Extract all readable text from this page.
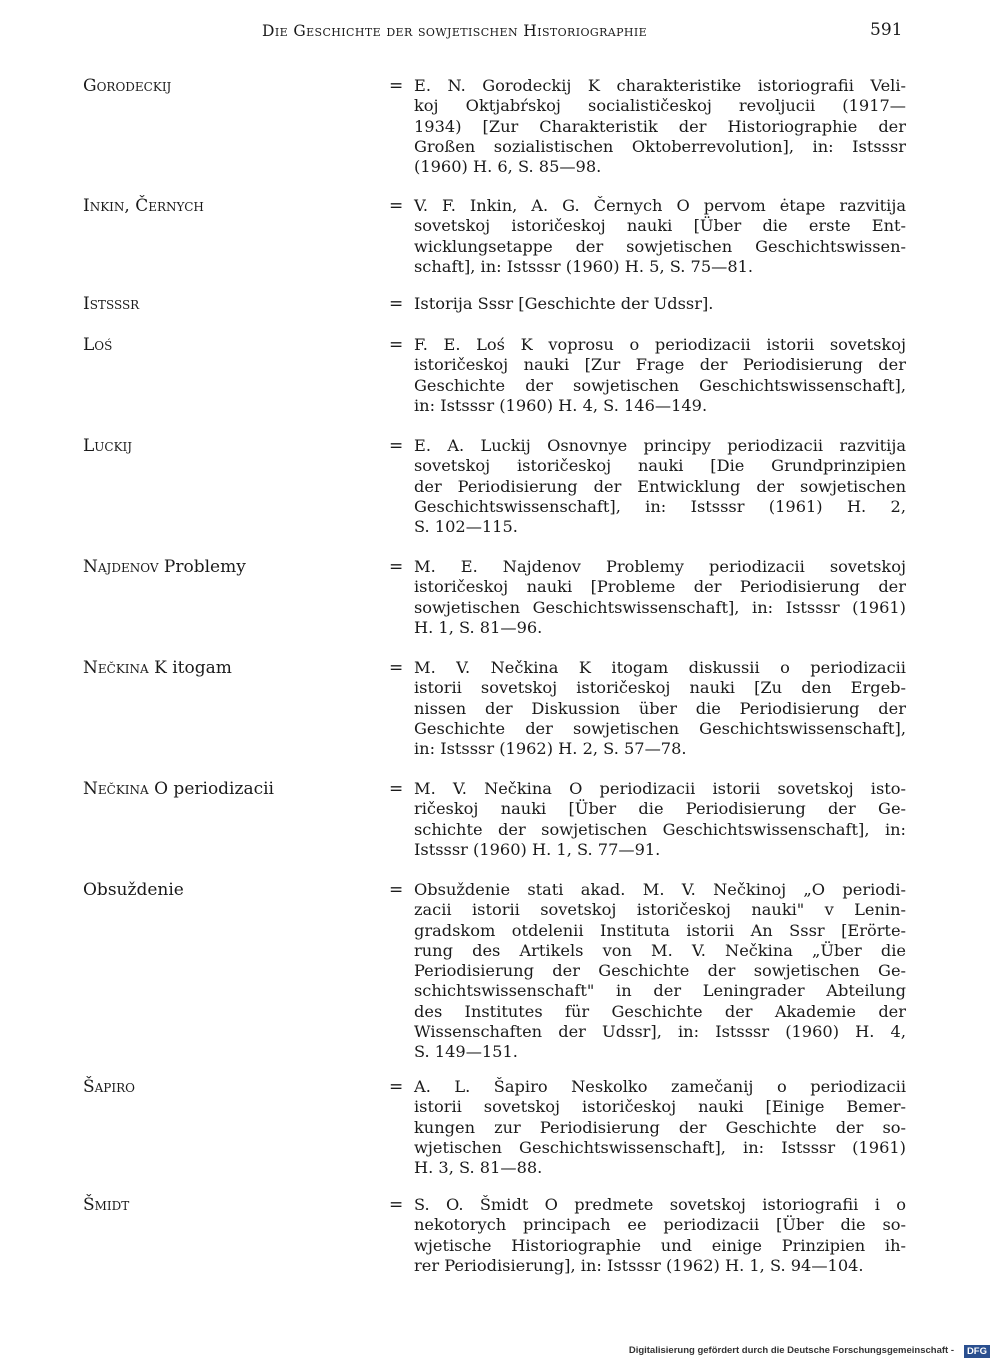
Die Geschichte der sowjetischen Historiographie	591
Gorodeckij	= E. N. Gorodeckij K charakteristike istoriografii Veli-
koj Oktjabŕskoj socialističeskoj revoljucii (1917—
1934) [Zur Charakteristik der Historiographie der
Großen sozialistischen Oktoberrevolution], in: Istsssr
(1960) H. 6, S. 85—98.
Inkin, Černych	= V. F. Inkin, A. G. Černych O pervom ėtape razvitija
sovetskoj istoričeskoj nauki [Über die erste Ent-
wicklungsetappe der sowjetischen Geschichtswissen-
schaft], in: Istsssr (1960) H. 5, S. 75—81.
Istsssr	= Istorija Sssr [Geschichte der Udssr].
Loś	= F. E. Loś K voprosu o periodizacii istorii sovetskoj
istoričeskoj nauki [Zur Frage der Periodisierung der
Geschichte der sowjetischen Geschichtswissenschaft],
in: Istsssr (1960) H. 4, S. 146—149.
Luckij	= E. A. Luckij Osnovnye principy periodizacii razvitija
sovetskoj istoričeskoj nauki [Die Grundprinzipien
der Periodisierung der Entwicklung der sowjetischen
Geschichtswissenschaft], in: Istsssr (1961) H. 2,
S. 102—115.
Najdenov Problemy	= M. E. Najdenov Problemy periodizacii sovetskoj
istoričeskoj nauki [Probleme der Periodisierung der
sowjetischen Geschichtswissenschaft], in: Istsssr (1961)
H. 1, S. 81—96.
Nečkina K itogam	= M. V. Nečkina K itogam diskussii o periodizacii
istorii sovetskoj istoričeskoj nauki [Zu den Ergeb-
nissen der Diskussion über die Periodisierung der
Geschichte der sowjetischen Geschichtswissenschaft],
in: Istsssr (1962) H. 2, S. 57—78.
Nečkina O periodizacii	= M. V. Nečkina O periodizacii istorii sovetskoj isto-
ričeskoj nauki [Über die Periodisierung der Ge-
schichte der sowjetischen Geschichtswissenschaft], in:
Istsssr (1960) H. 1, S. 77—91.
Obsuždenie	= Obsuždenie stati akad. M. V. Nečkinoj „O periodi-
zacii istorii sovetskoj istoričeskoj nauki" v Lenin-
gradskom otdelenii Instituta istorii An Sssr [Erörte-
rung des Artikels von M. V. Nečkina „Über die
Periodisierung der Geschichte der sowjetischen Ge-
schichtswissenschaft" in der Leningrader Abteilung
des Institutes für Geschichte der Akademie der
Wissenschaften der Udssr], in: Istsssr (1960) H. 4,
S. 149—151.
Šapiro	= A. L. Šapiro Neskolko zamečanij o periodizacii
istorii sovetskoj istoričeskoj nauki [Einige Bemer-
kungen zur Periodisierung der Geschichte der so-
wjetischen Geschichtswissenschaft], in: Istsssr (1961)
H. 3, S. 81—88.
Šmidt	= S. O. Šmidt O predmete sovetskoj istoriografii i o
nekotorych principach ee periodizacii [Über die so-
wjetische Historiographie und einige Prinzipien ih-
rer Periodisierung], in: Istsssr (1962) H. 1, S. 94—104.
Digitalisierung gefördert durch die Deutsche Forschungsgemeinschaft -	DFG
